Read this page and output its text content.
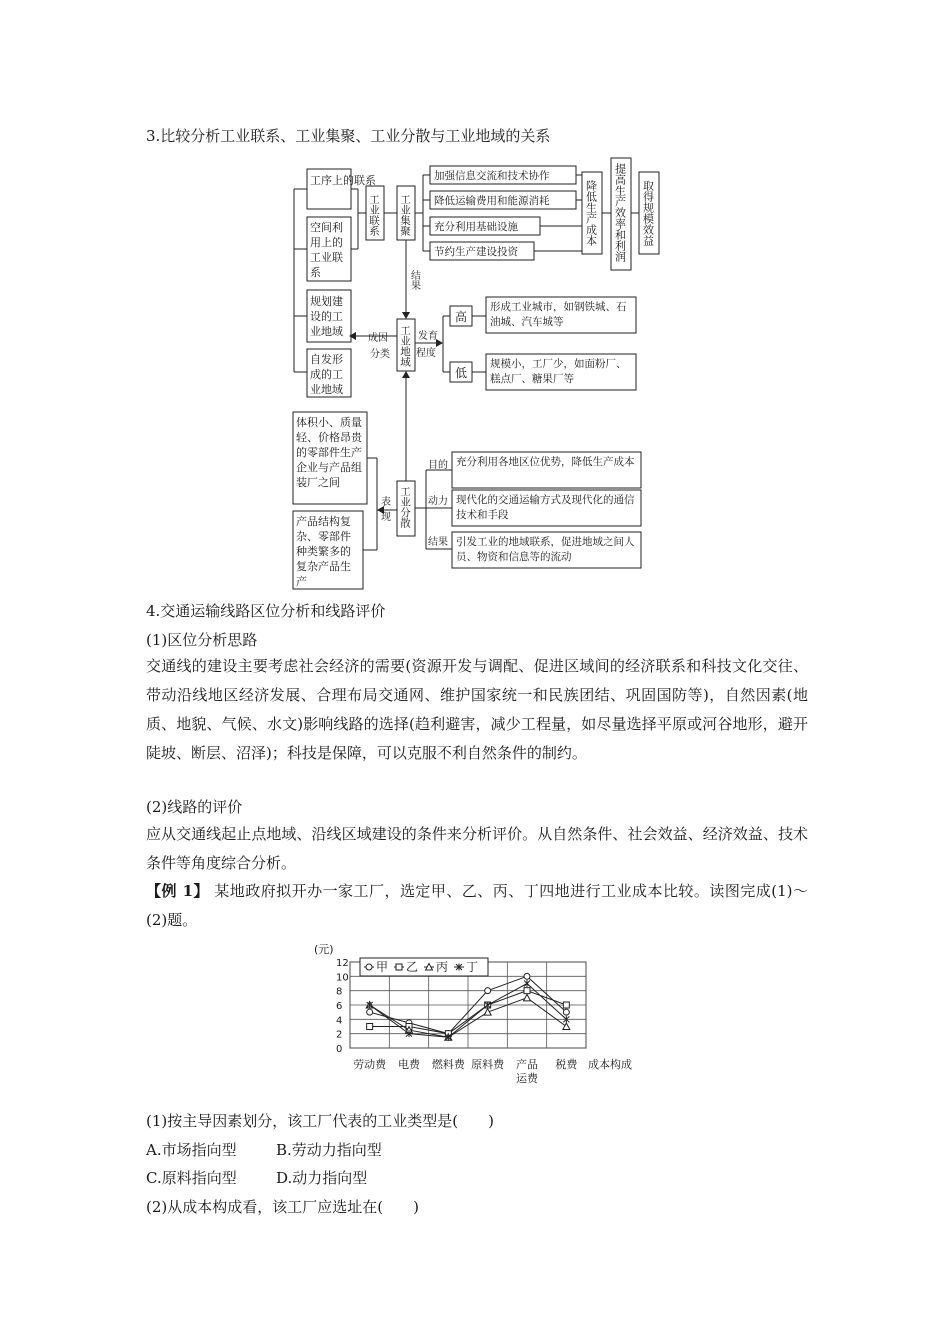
3.比较分析工业联系、工业集聚、工业分散与工业地域的关系
工序上的联系
工业联系 工业集聚
加强信息交流和技术协作
降低运输费用和能源消耗
充分利用基础设施
节约生产建设投资
降低生产成本 提高生产效率和利润 取得规模效益
结果
工业地域
成因
分类
发育
程度
高
低
工业分散
表
现
目的
动力
结果
空间利用上的工业联系
规划建设的工业地域
自发形成的工业地域
形成工业城市，如钢铁城、石油城、汽车城等
规模小，工厂少，如面粉厂、糕点厂、糖果厂等
体积小、质量轻、价格昂贵的零部件生产企业与产品组装厂之间
产品结构复杂、零部件种类繁多的复杂产品生产
充分利用各地区位优势，降低生产成本
现代化的交通运输方式及现代化的通信技术和手段
引发工业的地域联系，促进地域之间人员、物资和信息等的流动
4.交通运输线路区位分析和线路评价
(1)区位分析思路
交通线的建设主要考虑社会经济的需要(资源开发与调配、促进区域间的经济联系和科技文化交往、带动沿线地区经济发展、合理布局交通网、维护国家统一和民族团结、巩固国防等)，自然因素(地质、地貌、气候、水文)影响线路的选择(趋利避害，减少工程量，如尽量选择平原或河谷地形，避开陡坡、断层、沼泽)；科技是保障，可以克服不利自然条件的制约。
(2)线路的评价
应从交通线起止点地域、沿线区域建设的条件来分析评价。从自然条件、社会效益、经济效益、技术条件等角度综合分析。
【例 1】 某地政府拟开办一家工厂，选定甲、乙、丙、丁四地进行工业成本比较。读图完成(1)～(2)题。
(元)
劳动费 电费 燃料费 原料费 产品
运费
税费
0
2
4
6
8
10
12 甲 乙 丙 丁
成本构成
(1)按主导因素划分，该工厂代表的工业类型是(　　)
A.市场指向型	B.劳动力指向型
C.原料指向型	D.动力指向型
(2)从成本构成看，该工厂应选址在(　　)
